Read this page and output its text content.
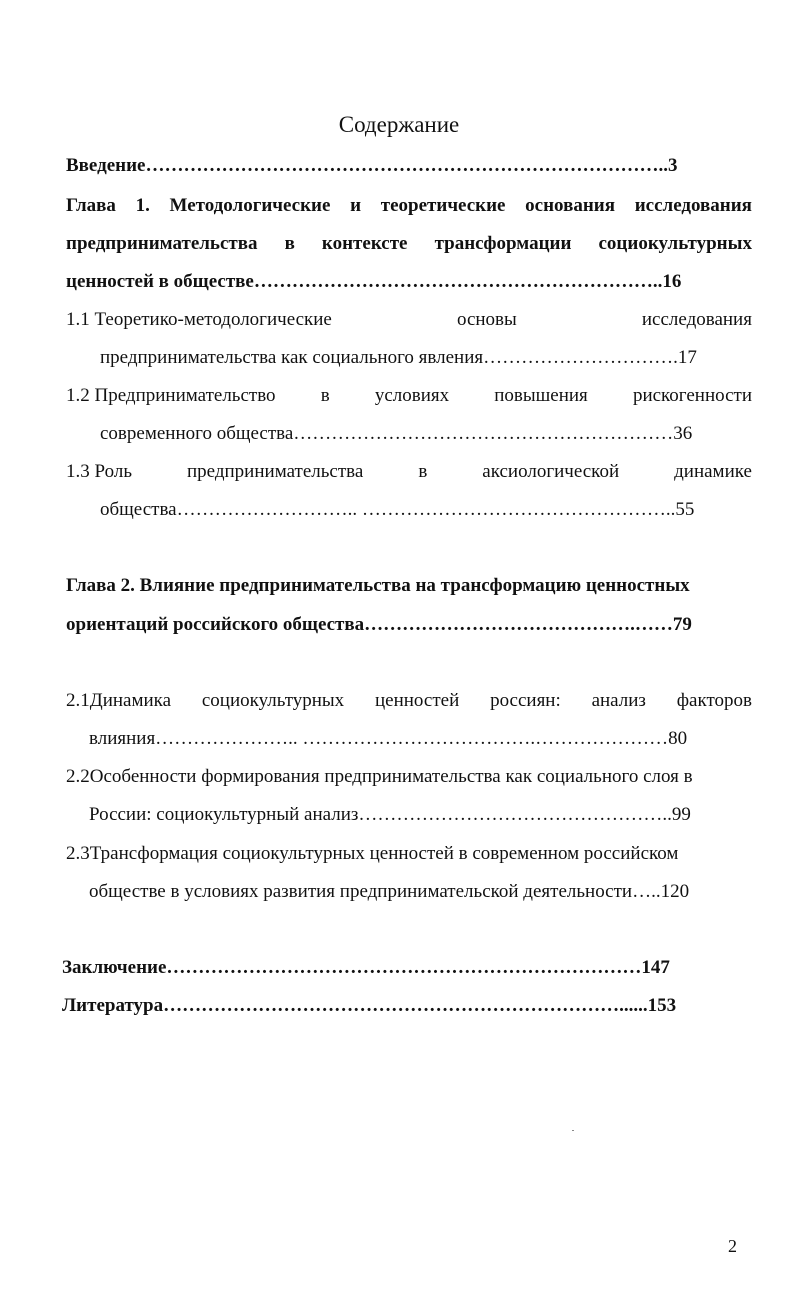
Содержание
Введение………………………………………………………………………..3
Глава 1. Методологические и теоретические основания исследования
предпринимательства в контексте трансформации социокультурных
ценностей в обществе………………………………………………………..16
1.1 Теоретико-методологические	основы	исследования
предпринимательства как социального явления………………………….17
1.2 Предпринимательство в условиях повышения рискогенности
современного общества……………………………………………………36
1.3 Роль	предпринимательства	в	аксиологической	динамике
общества……………………….. …………………………………………..55
Глава 2. Влияние предпринимательства на трансформацию ценностных
ориентаций российского общества…………………………………….……79
2.1Динамика социокультурных ценностей россиян: анализ факторов
влияния………………….. ……………………………….…………………80
2.2Особенности формирования предпринимательства как социального слоя в
России: социокультурный анализ…………………………………………..99
2.3Трансформация социокультурных ценностей в современном российском
обществе в условиях развития предпринимательской деятельности…..120
Заключение…………………………………………………………………147
Литература………………………………………………………………......153
2
